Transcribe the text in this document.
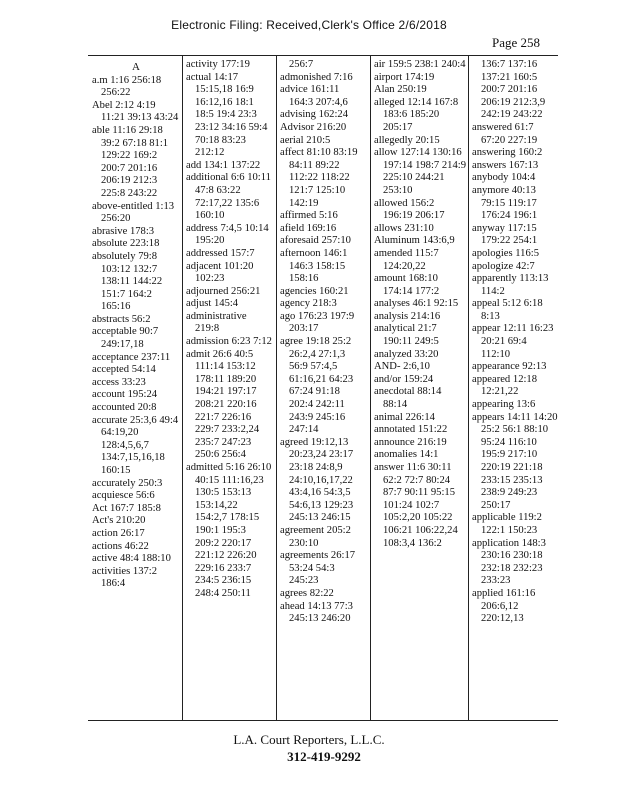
Electronic Filing: Received,Clerk's Office 2/6/2018
Page 258
A
a.m 1:16 256:18 256:22
Abel 2:12 4:19 11:21 39:13 43:24
able 11:16 29:18 39:2 67:18 81:1 129:22 169:2 200:7 201:16 206:19 212:3 225:8 243:22
above-entitled 1:13 256:20
abrasive 178:3
absolute 223:18
absolutely 79:8 103:12 132:7 138:11 144:22 151:7 164:2 165:16
abstracts 56:2
acceptable 90:7 249:17,18
acceptance 237:11
accepted 54:14
access 33:23
account 195:24
accounted 20:8
accurate 25:3,6 49:4 64:19,20 128:4,5,6,7 134:7,15,16,18 160:15
accurately 250:3
acquiesce 56:6
Act 167:7 185:8
Act's 210:20
action 26:17
actions 46:22
active 48:4 188:10
activities 137:2 186:4
activity 177:19
actual 14:17 15:15,18 16:9 16:12,16 18:1 18:5 19:4 23:3 23:12 34:16 59:4 70:18 83:23 212:12
add 134:1 137:22
additional 6:6 10:11 47:8 63:22 72:17,22 135:6 160:10
address 7:4,5 10:14 195:20
addressed 157:7
adjacent 101:20 102:23
adjourned 256:21
adjust 145:4
administrative 219:8
admission 6:23 7:12
admit 26:6 40:5 111:14 153:12 178:11 189:20 194:21 197:17 208:21 220:16 221:7 226:16 229:7 233:2,24 235:7 247:23 250:6 256:4
admitted 5:16 26:10 40:15 111:16,23 130:5 153:13 153:14,22 154:2,7 178:15 190:1 195:3 209:2 220:17 221:12 226:20 229:16 233:7 234:5 236:15 248:4 250:11
256:7
admonished 7:16
advice 161:11 164:3 207:4,6
advising 162:24
Advisor 216:20
aerial 210:5
affect 81:10 83:19 84:11 89:22 112:22 118:22 121:7 125:10 142:19
affirmed 5:16
afield 169:16
aforesaid 257:10
afternoon 146:1 146:3 158:15 158:16
agencies 160:21
agency 218:3
ago 176:23 197:9 203:17
agree 19:18 25:2 26:2,4 27:1,3 56:9 57:4,5 61:16,21 64:23 67:24 91:18 202:4 242:11 243:9 245:16 247:14
agreed 19:12,13 20:23,24 23:17 23:18 24:8,9 24:10,16,17,22 43:4,16 54:3,5 54:6,13 129:23 245:13 246:15
agreement 205:2 230:10
agreements 26:17 53:24 54:3 245:23
agrees 82:22
ahead 14:13 77:3 245:13 246:20
air 159:5 238:1 240:4
airport 174:19
Alan 250:19
alleged 12:14 167:8 183:6 185:20 205:17
allegedly 20:15
allow 127:14 130:16 197:14 198:7 214:9 225:10 244:21 253:10
allowed 156:2 196:19 206:17
allows 231:10
Aluminum 143:6,9
amended 115:7 124:20,22
amount 168:10 174:14 177:2
analyses 46:1 92:15
analysis 214:16
analytical 21:7 190:11 249:5
analyzed 33:20
AND- 2:6,10
and/or 159:24
anecdotal 88:14 88:14
animal 226:14
annotated 151:22
announce 216:19
anomalies 14:1
answer 11:6 30:11 62:2 72:7 80:24 87:7 90:11 95:15 101:24 102:7 105:2,20 105:22 106:21 106:22,24 108:3,4 136:2
136:7 137:16 137:21 160:5 200:7 201:16 206:19 212:3,9 242:19 243:22
answered 61:7 67:20 227:19
answering 160:2
answers 167:13
anybody 104:4
anymore 40:13 79:15 119:17 176:24 196:1
anyway 117:15 179:22 254:1
apologies 116:5
apologize 42:7
apparently 113:13 114:2
appeal 5:12 6:18 8:13
appear 12:11 16:23 20:21 69:4 112:10
appearance 92:13
appeared 12:18 12:21,22
appearing 13:6
appears 14:11 14:20 25:2 56:1 88:10 95:24 116:10 195:9 217:10 220:19 221:18 233:15 235:13 238:9 249:23 250:17
applicable 119:2 122:1 150:23
application 148:3 230:16 230:18 232:18 232:23 233:23
applied 161:16 206:6,12 220:12,13
L.A. Court Reporters, L.L.C.
312-419-9292
